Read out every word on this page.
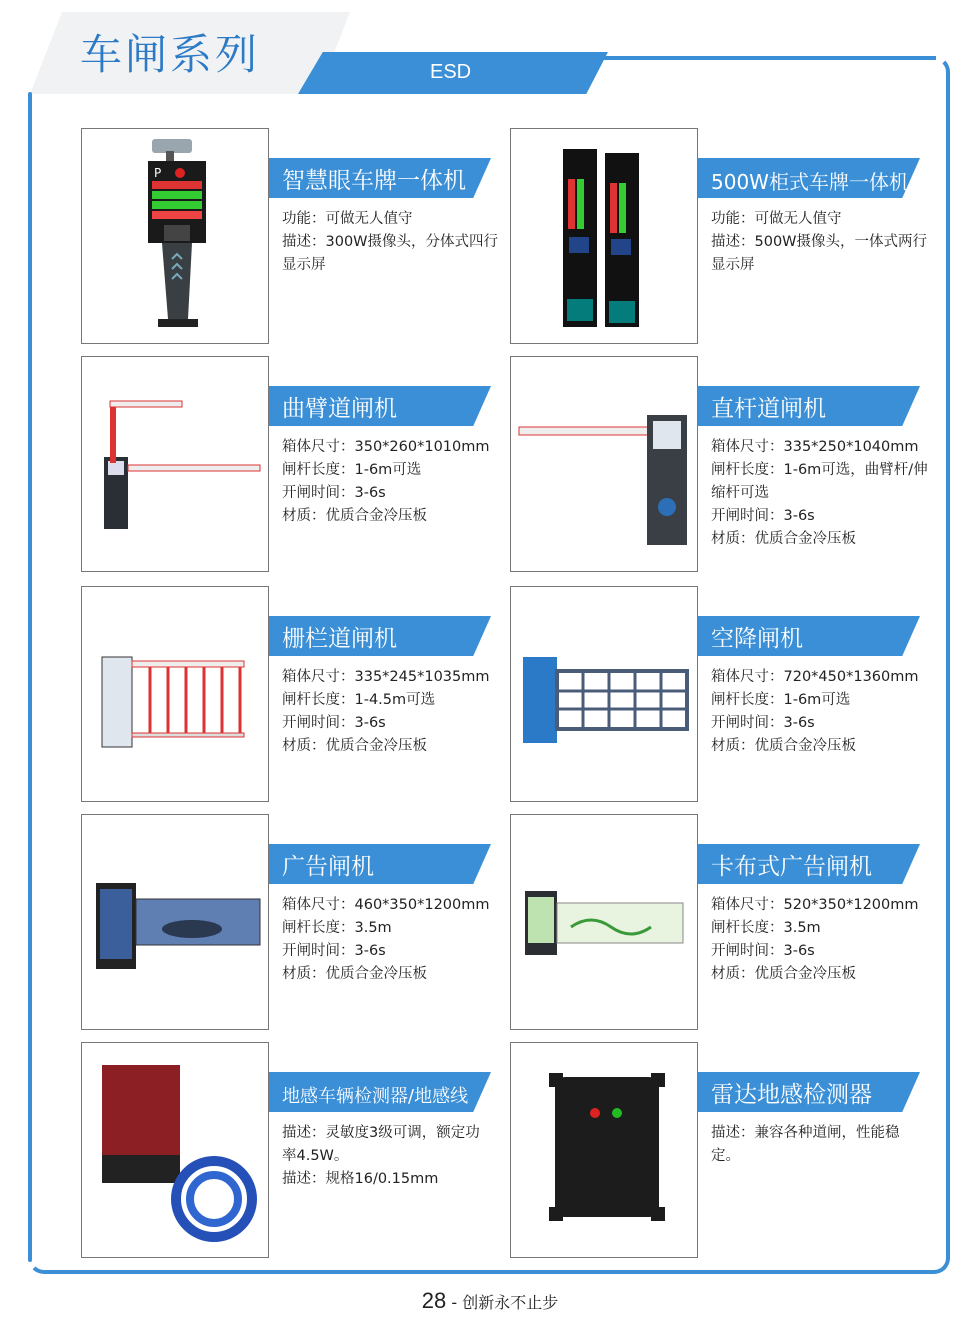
车闸系列	ESD
P	智慧眼车牌一体机
功能：可做无人值守
描述：300W摄像头，分体式四行显示屏
500W柜式车牌一体机
功能：可做无人值守
描述：500W摄像头，一体式两行显示屏
曲臂道闸机
箱体尺寸：350*260*1010mm
闸杆长度：1-6m可选
开闸时间：3-6s
材质：优质合金冷压板
直杆道闸机
箱体尺寸：335*250*1040mm
闸杆长度：1-6m可选，曲臂杆/伸缩杆可选
开闸时间：3-6s
材质：优质合金冷压板
栅栏道闸机
箱体尺寸：335*245*1035mm
闸杆长度：1-4.5m可选
开闸时间：3-6s
材质：优质合金冷压板
空降闸机
箱体尺寸：720*450*1360mm
闸杆长度：1-6m可选
开闸时间：3-6s
材质：优质合金冷压板
广告闸机
箱体尺寸：460*350*1200mm
闸杆长度：3.5m
开闸时间：3-6s
材质：优质合金冷压板
卡布式广告闸机
箱体尺寸：520*350*1200mm
闸杆长度：3.5m
开闸时间：3-6s
材质：优质合金冷压板
地感车辆检测器/地感线
描述：灵敏度3级可调，额定功率4.5W。
描述：规格16/0.15mm
雷达地感检测器
描述：兼容各种道闸，性能稳定。
28 - 创新永不止步
